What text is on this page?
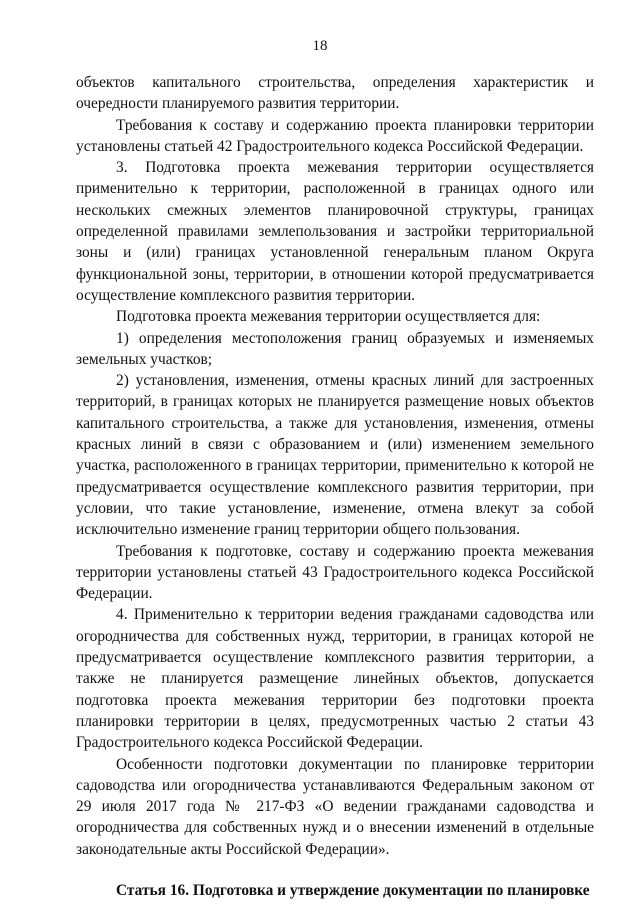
18

объектов капитального строительства, определения характеристик и очередности планируемого развития территории.

Требования к составу и содержанию проекта планировки территории установлены статьей 42 Градостроительного кодекса Российской Федерации.

3. Подготовка проекта межевания территории осуществляется применительно к территории, расположенной в границах одного или нескольких смежных элементов планировочной структуры, границах определенной правилами землепользования и застройки территориальной зоны и (или) границах установленной генеральным планом Округа функциональной зоны, территории, в отношении которой предусматривается осуществление комплексного развития территории.

Подготовка проекта межевания территории осуществляется для:

1) определения местоположения границ образуемых и изменяемых земельных участков;

2) установления, изменения, отмены красных линий для застроенных территорий, в границах которых не планируется размещение новых объектов капитального строительства, а также для установления, изменения, отмены красных линий в связи с образованием и (или) изменением земельного участка, расположенного в границах территории, применительно к которой не предусматривается осуществление комплексного развития территории, при условии, что такие установление, изменение, отмена влекут за собой исключительно изменение границ территории общего пользования.

Требования к подготовке, составу и содержанию проекта межевания территории установлены статьей 43 Градостроительного кодекса Российской Федерации.

4. Применительно к территории ведения гражданами садоводства или огородничества для собственных нужд, территории, в границах которой не предусматривается осуществление комплексного развития территории, а также не планируется размещение линейных объектов, допускается подготовка проекта межевания территории без подготовки проекта планировки территории в целях, предусмотренных частью 2 статьи 43 Градостроительного кодекса Российской Федерации.

Особенности подготовки документации по планировке территории садоводства или огородничества устанавливаются Федеральным законом от 29 июля 2017 года № 217-ФЗ «О ведении гражданами садоводства и огородничества для собственных нужд и о внесении изменений в отдельные законодательные акты Российской Федерации».

Статья 16. Подготовка и утверждение документации по планировке
